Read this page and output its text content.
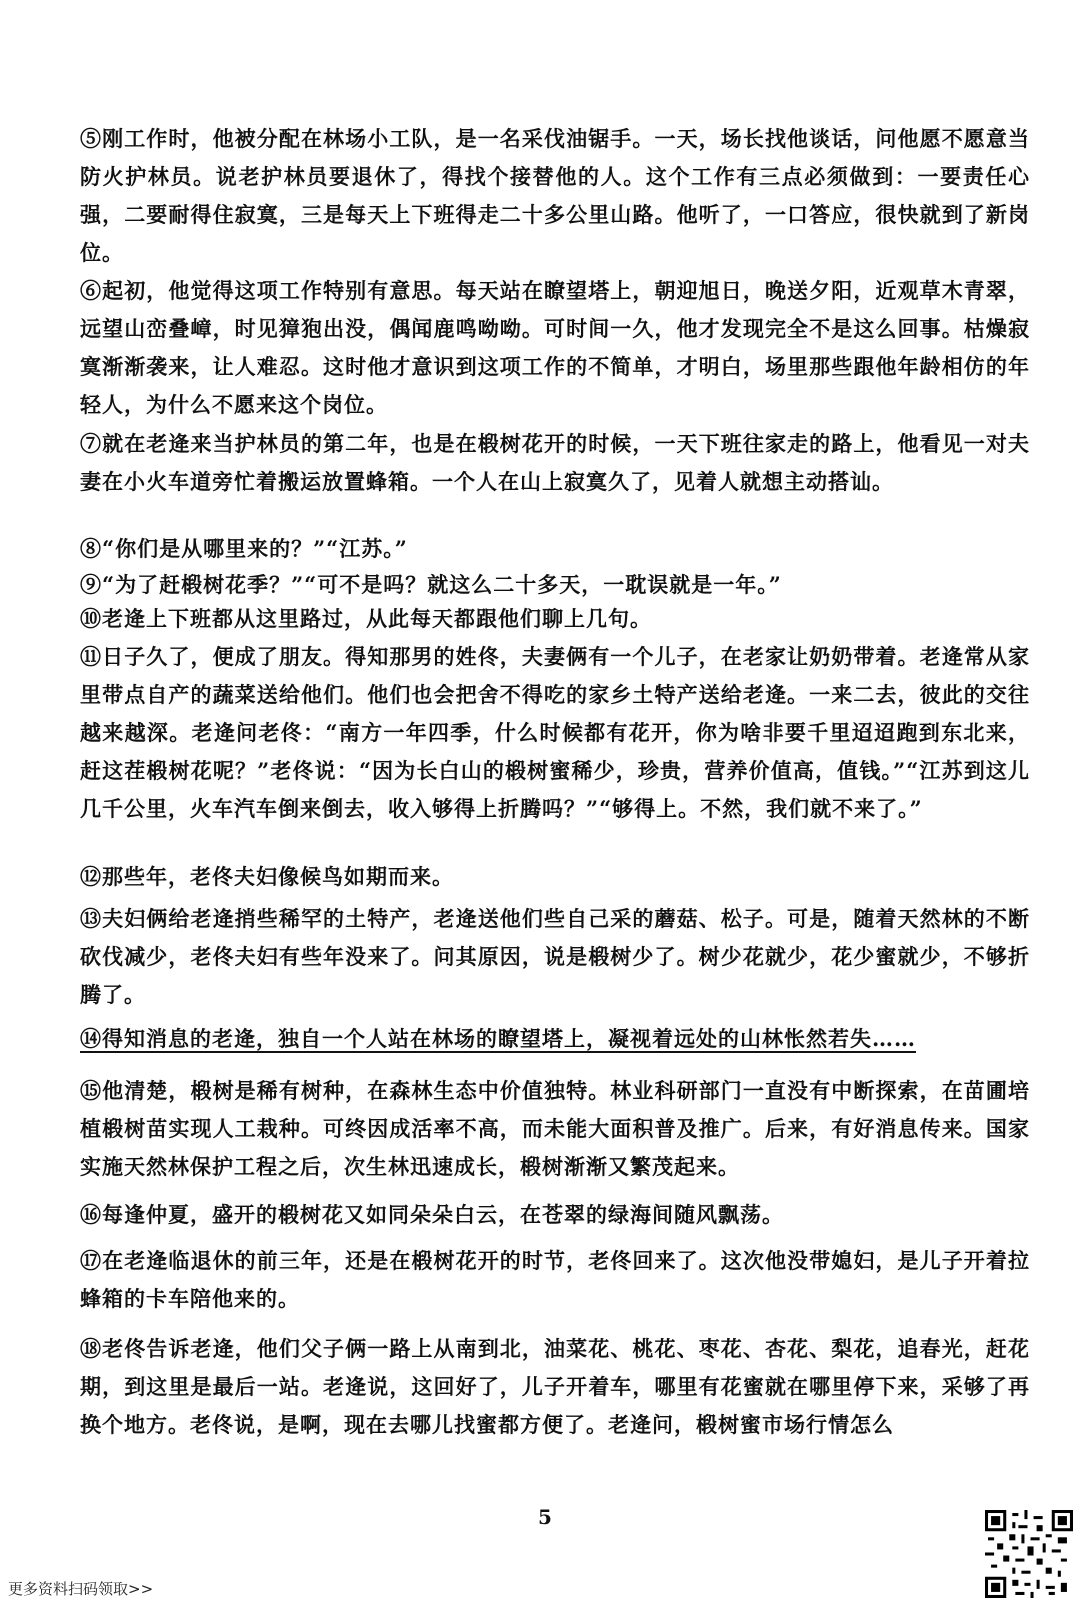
⑤刚工作时，他被分配在林场小工队，是一名采伐油锯手。一天，场长找他谈话，问他愿不愿意当防火护林员。说老护林员要退休了，得找个接替他的人。这个工作有三点必须做到：一要责任心强，二要耐得住寂寞，三是每天上下班得走二十多公里山路。他听了，一口答应，很快就到了新岗位。

⑥起初，他觉得这项工作特别有意思。每天站在瞭望塔上，朝迎旭日，晚送夕阳，近观草木青翠，远望山峦叠嶂，时见獐狍出没，偶闻鹿鸣呦呦。可时间一久，他才发现完全不是这么回事。枯燥寂寞渐渐袭来，让人难忍。这时他才意识到这项工作的不简单，才明白，场里那些跟他年龄相仿的年轻人，为什么不愿来这个岗位。

⑦就在老逄来当护林员的第二年，也是在椴树花开的时候，一天下班往家走的路上，他看见一对夫妻在小火车道旁忙着搬运放置蜂箱。一个人在山上寂寞久了，见着人就想主动搭讪。

⑧“你们是从哪里来的？”“江苏。”

⑨“为了赶椴树花季？”“可不是吗？就这么二十多天，一耽误就是一年。”

⑩老逄上下班都从这里路过，从此每天都跟他们聊上几句。

⑪日子久了，便成了朋友。得知那男的姓佟，夫妻俩有一个儿子，在老家让奶奶带着。老逄常从家里带点自产的蔬菜送给他们。他们也会把舍不得吃的家乡土特产送给老逄。一来二去，彼此的交往越来越深。老逄问老佟：“南方一年四季，什么时候都有花开，你为啥非要千里迢迢跑到东北来，赶这茬椴树花呢？”老佟说：“因为长白山的椴树蜜稀少，珍贵，营养价值高，值钱。”“江苏到这儿几千公里，火车汽车倒来倒去，收入够得上折腾吗？”“够得上。不然，我们就不来了。”

⑫那些年，老佟夫妇像候鸟如期而来。

⑬夫妇俩给老逄捎些稀罕的土特产，老逄送他们些自己采的蘑菇、松子。可是，随着天然林的不断砍伐减少，老佟夫妇有些年没来了。问其原因，说是椴树少了。树少花就少，花少蜜就少，不够折腾了。

⑭得知消息的老逄，独自一个人站在林场的瞭望塔上，凝视着远处的山林怅然若失……

⑮他清楚，椴树是稀有树种，在森林生态中价值独特。林业科研部门一直没有中断探索，在苗圃培植椴树苗实现人工栽种。可终因成活率不高，而未能大面积普及推广。后来，有好消息传来。国家实施天然林保护工程之后，次生林迅速成长，椴树渐渐又繁茂起来。

⑯每逢仲夏，盛开的椴树花又如同朵朵白云，在苍翠的绿海间随风飘荡。

⑰在老逄临退休的前三年，还是在椴树花开的时节，老佟回来了。这次他没带媳妇，是儿子开着拉蜂箱的卡车陪他来的。

⑱老佟告诉老逄，他们父子俩一路上从南到北，油菜花、桃花、枣花、杏花、梨花，追春光，赶花期，到这里是最后一站。老逄说，这回好了，儿子开着车，哪里有花蜜就在哪里停下来，采够了再换个地方。老佟说，是啊，现在去哪儿找蜜都方便了。老逄问，椴树蜜市场行情怎么

5
更多资料扫码领取>>
